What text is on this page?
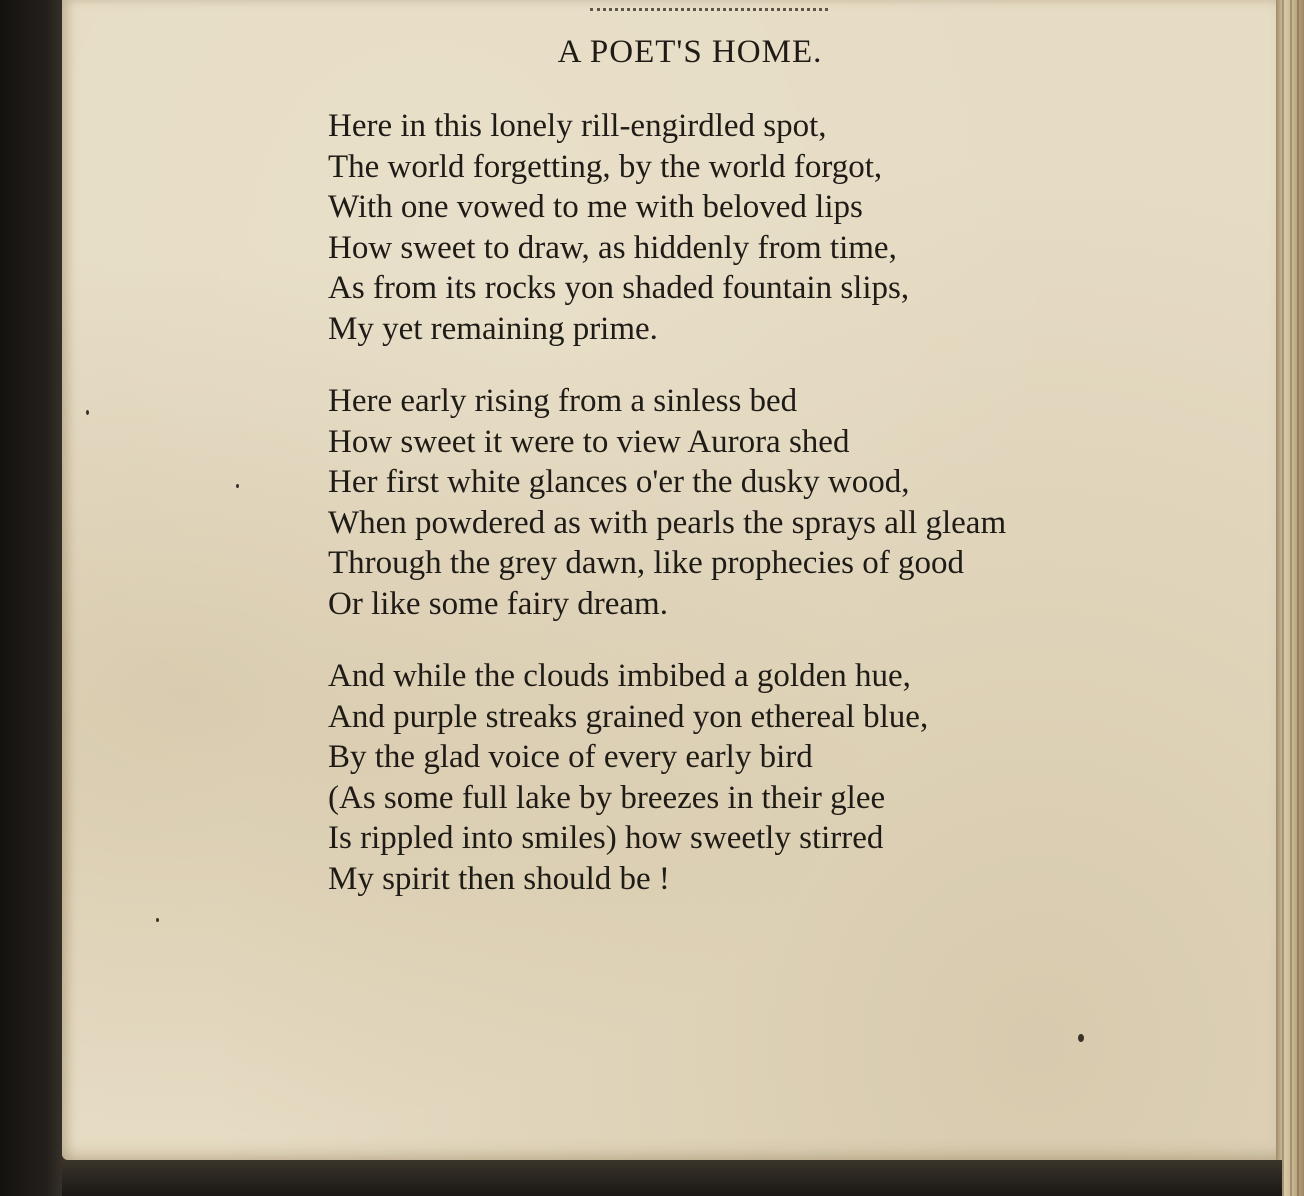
A POET'S HOME.
Here in this lonely rill-engirdled spot,
The world forgetting, by the world forgot,
With one vowed to me with beloved lips
How sweet to draw, as hiddenly from time,
As from its rocks yon shaded fountain slips,
My yet remaining prime.
Here early rising from a sinless bed
How sweet it were to view Aurora shed
Her first white glances o'er the dusky wood,
When powdered as with pearls the sprays all gleam
Through the grey dawn, like prophecies of good
Or like some fairy dream.
And while the clouds imbibed a golden hue,
And purple streaks grained yon ethereal blue,
By the glad voice of every early bird
(As some full lake by breezes in their glee
Is rippled into smiles) how sweetly stirred
My spirit then should be !
